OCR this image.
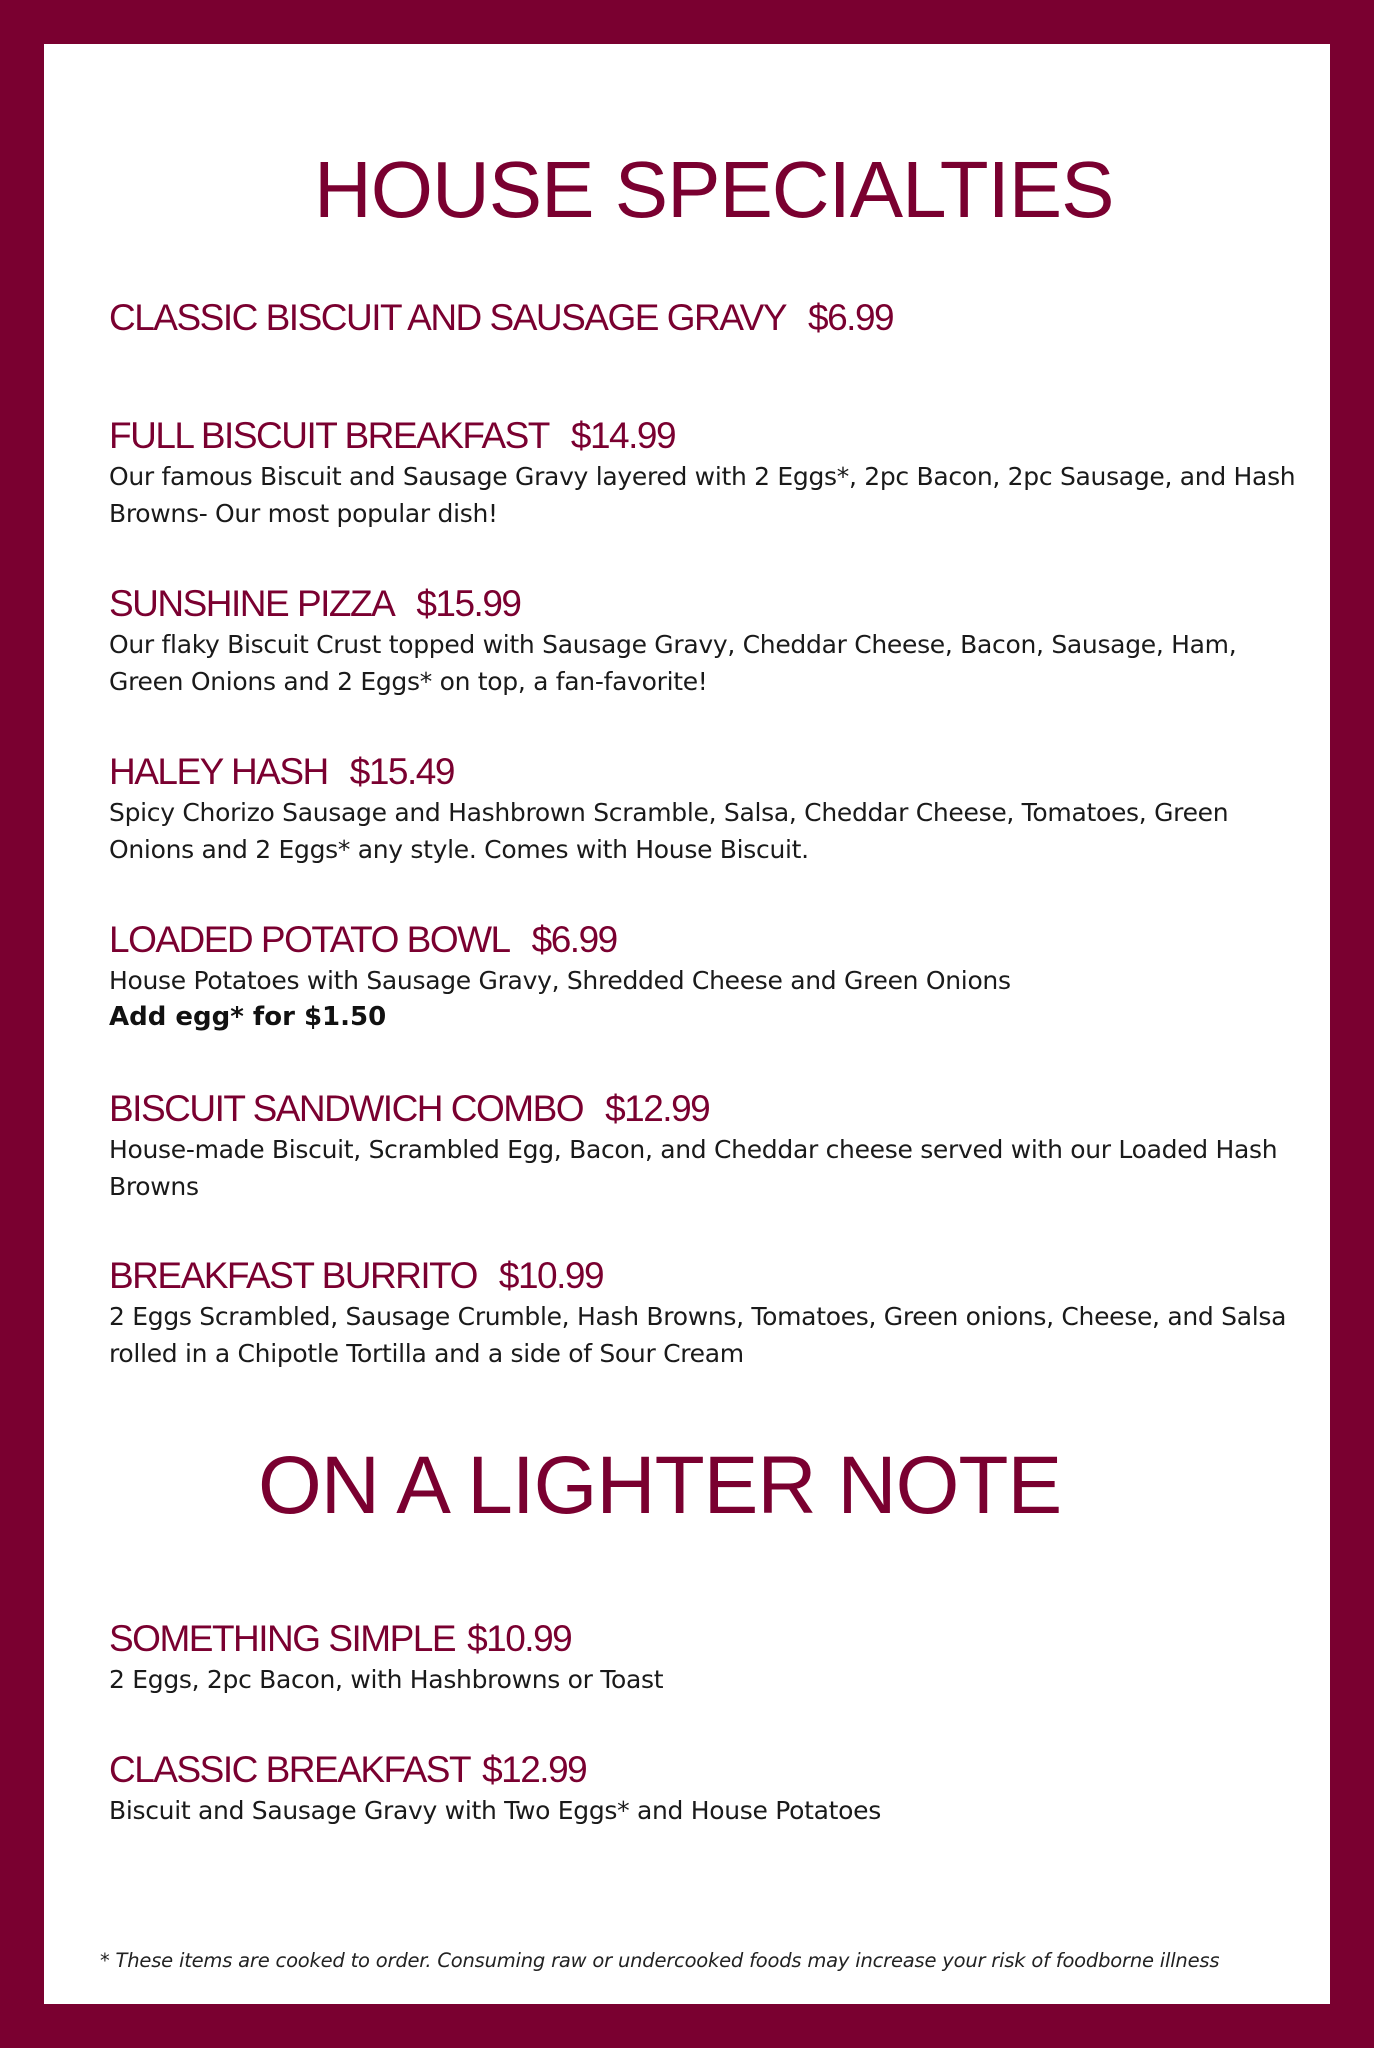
HOUSE SPECIALTIES
CLASSIC BISCUIT AND SAUSAGE GRAVY $6.99
FULL BISCUIT BREAKFAST $14.99
Our famous Biscuit and Sausage Gravy layered with 2 Eggs*, 2pc Bacon, 2pc Sausage, and Hash Browns- Our most popular dish!
SUNSHINE PIZZA $15.99
Our flaky Biscuit Crust topped with Sausage Gravy, Cheddar Cheese, Bacon, Sausage, Ham, Green Onions and 2 Eggs* on top, a fan-favorite!
HALEY HASH $15.49
Spicy Chorizo Sausage and Hashbrown Scramble, Salsa, Cheddar Cheese, Tomatoes, Green Onions and 2 Eggs* any style. Comes with House Biscuit.
LOADED POTATO BOWL $6.99
House Potatoes with Sausage Gravy, Shredded Cheese and Green Onions
Add egg* for $1.50
BISCUIT SANDWICH COMBO $12.99
House-made Biscuit, Scrambled Egg, Bacon, and Cheddar cheese served with our Loaded Hash Browns
BREAKFAST BURRITO $10.99
2 Eggs Scrambled, Sausage Crumble, Hash Browns, Tomatoes, Green onions, Cheese, and Salsa rolled in a Chipotle Tortilla and a side of Sour Cream
ON A LIGHTER NOTE
SOMETHING SIMPLE $10.99
2 Eggs, 2pc Bacon, with Hashbrowns or Toast
CLASSIC BREAKFAST $12.99
Biscuit and Sausage Gravy with Two Eggs* and House Potatoes
* These items are cooked to order. Consuming raw or undercooked foods may increase your risk of foodborne illness
